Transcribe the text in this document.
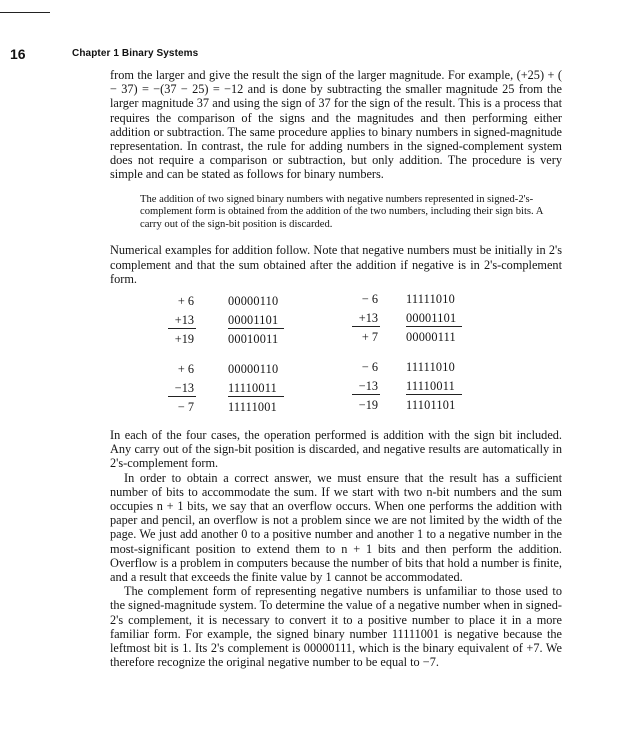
16	Chapter 1 Binary Systems

from the larger and give the result the sign of the larger magnitude. For example, (+25) + ( − 37) = −(37 − 25) = −12 and is done by subtracting the smaller magnitude 25 from the larger magnitude 37 and using the sign of 37 for the sign of the result. This is a process that requires the comparison of the signs and the magnitudes and then performing either addition or subtraction. The same procedure applies to binary numbers in signed-magnitude representation. In contrast, the rule for adding numbers in the signed-complement system does not require a comparison or subtraction, but only addition. The procedure is very simple and can be stated as follows for binary numbers.

The addition of two signed binary numbers with negative numbers represented in signed-2's-complement form is obtained from the addition of the two numbers, including their sign bits. A carry out of the sign-bit position is discarded.

Numerical examples for addition follow. Note that negative numbers must be initially in 2's complement and that the sum obtained after the addition if negative is in 2's-complement form.

+ 6	00000110
+13	00001101
+19	00010011
− 6 11111010
+13 00001101
+ 7 00000111
+ 6	00000110
−13	11110011
− 7	11111001
− 6 11111010
−13 11110011
−19 11101101

In each of the four cases, the operation performed is addition with the sign bit included. Any carry out of the sign-bit position is discarded, and negative results are automatically in 2's-complement form.

In order to obtain a correct answer, we must ensure that the result has a sufficient number of bits to accommodate the sum. If we start with two n-bit numbers and the sum occupies n + 1 bits, we say that an overflow occurs. When one performs the addition with paper and pencil, an overflow is not a problem since we are not limited by the width of the page. We just add another 0 to a positive number and another 1 to a negative number in the most-significant position to extend them to n + 1 bits and then perform the addition. Overflow is a problem in computers because the number of bits that hold a number is finite, and a result that exceeds the finite value by 1 cannot be accommodated.

The complement form of representing negative numbers is unfamiliar to those used to the signed-magnitude system. To determine the value of a negative number when in signed-2's complement, it is necessary to convert it to a positive number to place it in a more familiar form. For example, the signed binary number 11111001 is negative because the leftmost bit is 1. Its 2's complement is 00000111, which is the binary equivalent of +7. We therefore recognize the original negative number to be equal to −7.
